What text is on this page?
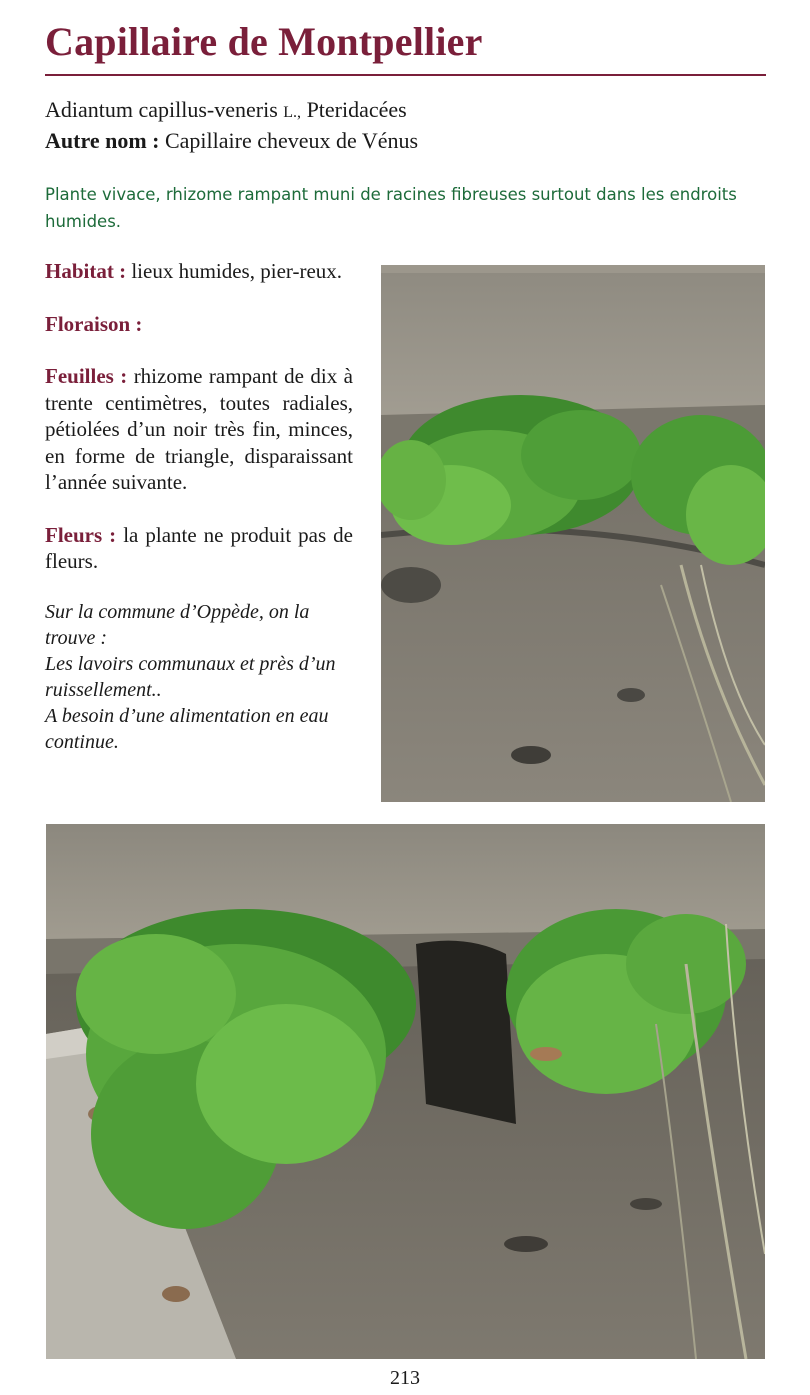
Capillaire de Montpellier
Adiantum capillus-veneris L., Pteridacées
Autre nom : Capillaire cheveux de Vénus
Plante vivace, rhizome rampant muni de racines fibreuses surtout dans les endroits humides.

Habitat : lieux humides, pier-reux.

Floraison :

Feuilles : rhizome rampant de dix à trente centimètres, toutes radiales, pétiolées d’un noir très fin, minces, en forme de triangle, disparaissant l’année suivante.

Fleurs : la plante ne produit pas de fleurs.

Sur la commune d’Oppède, on la trouve :
Les lavoirs communaux et près d’un ruissellement..
A besoin d’une alimentation en eau continue.
213
